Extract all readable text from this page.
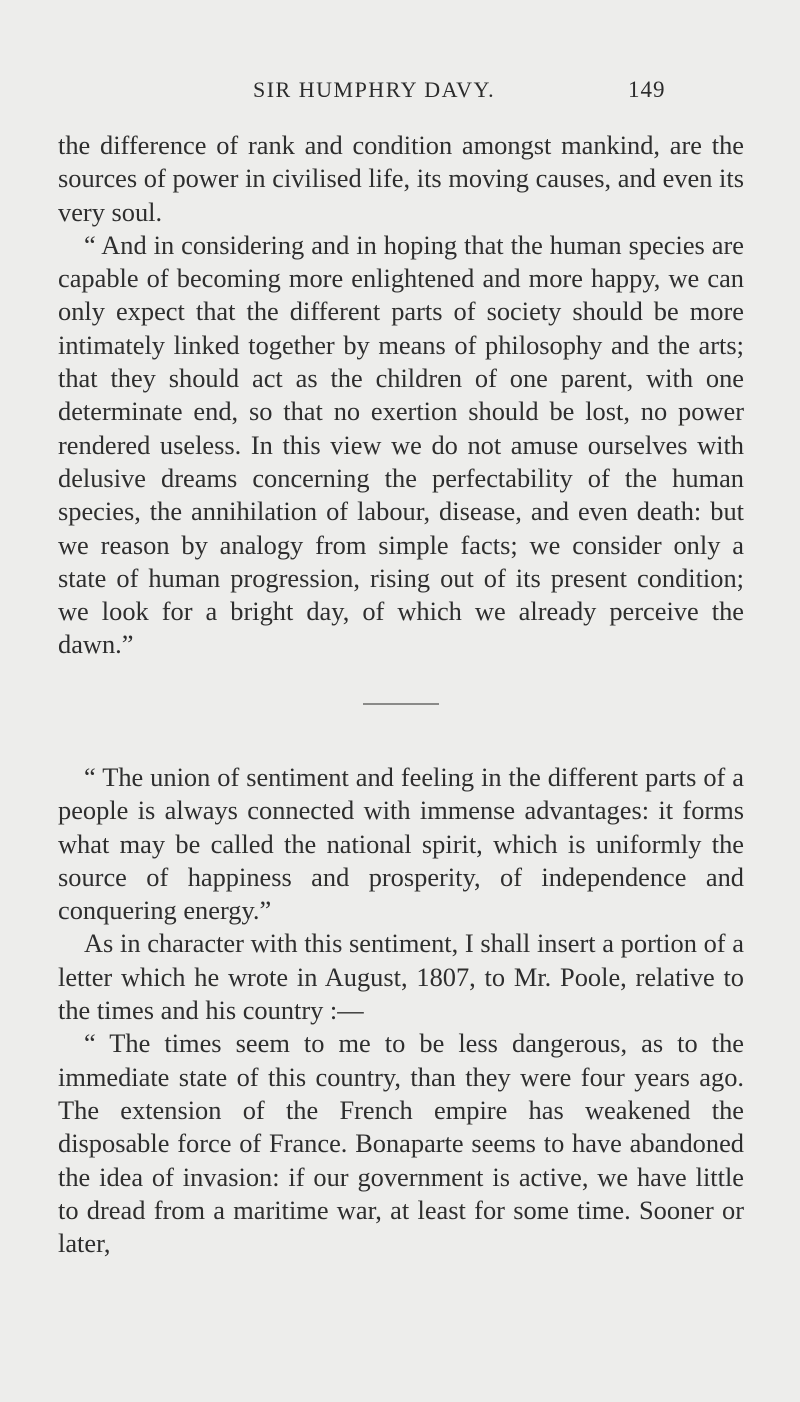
SIR HUMPHRY DAVY.	149

the difference of rank and condition amongst mankind, are the sources of power in civilised life, its moving causes, and even its very soul.

“ And in considering and in hoping that the human species are capable of becoming more enlightened and more happy, we can only expect that the different parts of society should be more intimately linked together by means of philosophy and the arts; that they should act as the children of one parent, with one determinate end, so that no exertion should be lost, no power rendered useless. In this view we do not amuse ourselves with delusive dreams concerning the perfectability of the human species, the annihilation of labour, disease, and even death: but we reason by analogy from simple facts; we consider only a state of human progression, rising out of its present condition; we look for a bright day, of which we already perceive the dawn.”

“ The union of sentiment and feeling in the different parts of a people is always connected with immense advantages: it forms what may be called the national spirit, which is uniformly the source of happiness and prosperity, of independence and conquering energy.”

As in character with this sentiment, I shall insert a portion of a letter which he wrote in August, 1807, to Mr. Poole, relative to the times and his country :—

“ The times seem to me to be less dangerous, as to the immediate state of this country, than they were four years ago. The extension of the French empire has weakened the disposable force of France. Bonaparte seems to have abandoned the idea of invasion: if our government is active, we have little to dread from a maritime war, at least for some time. Sooner or later,
